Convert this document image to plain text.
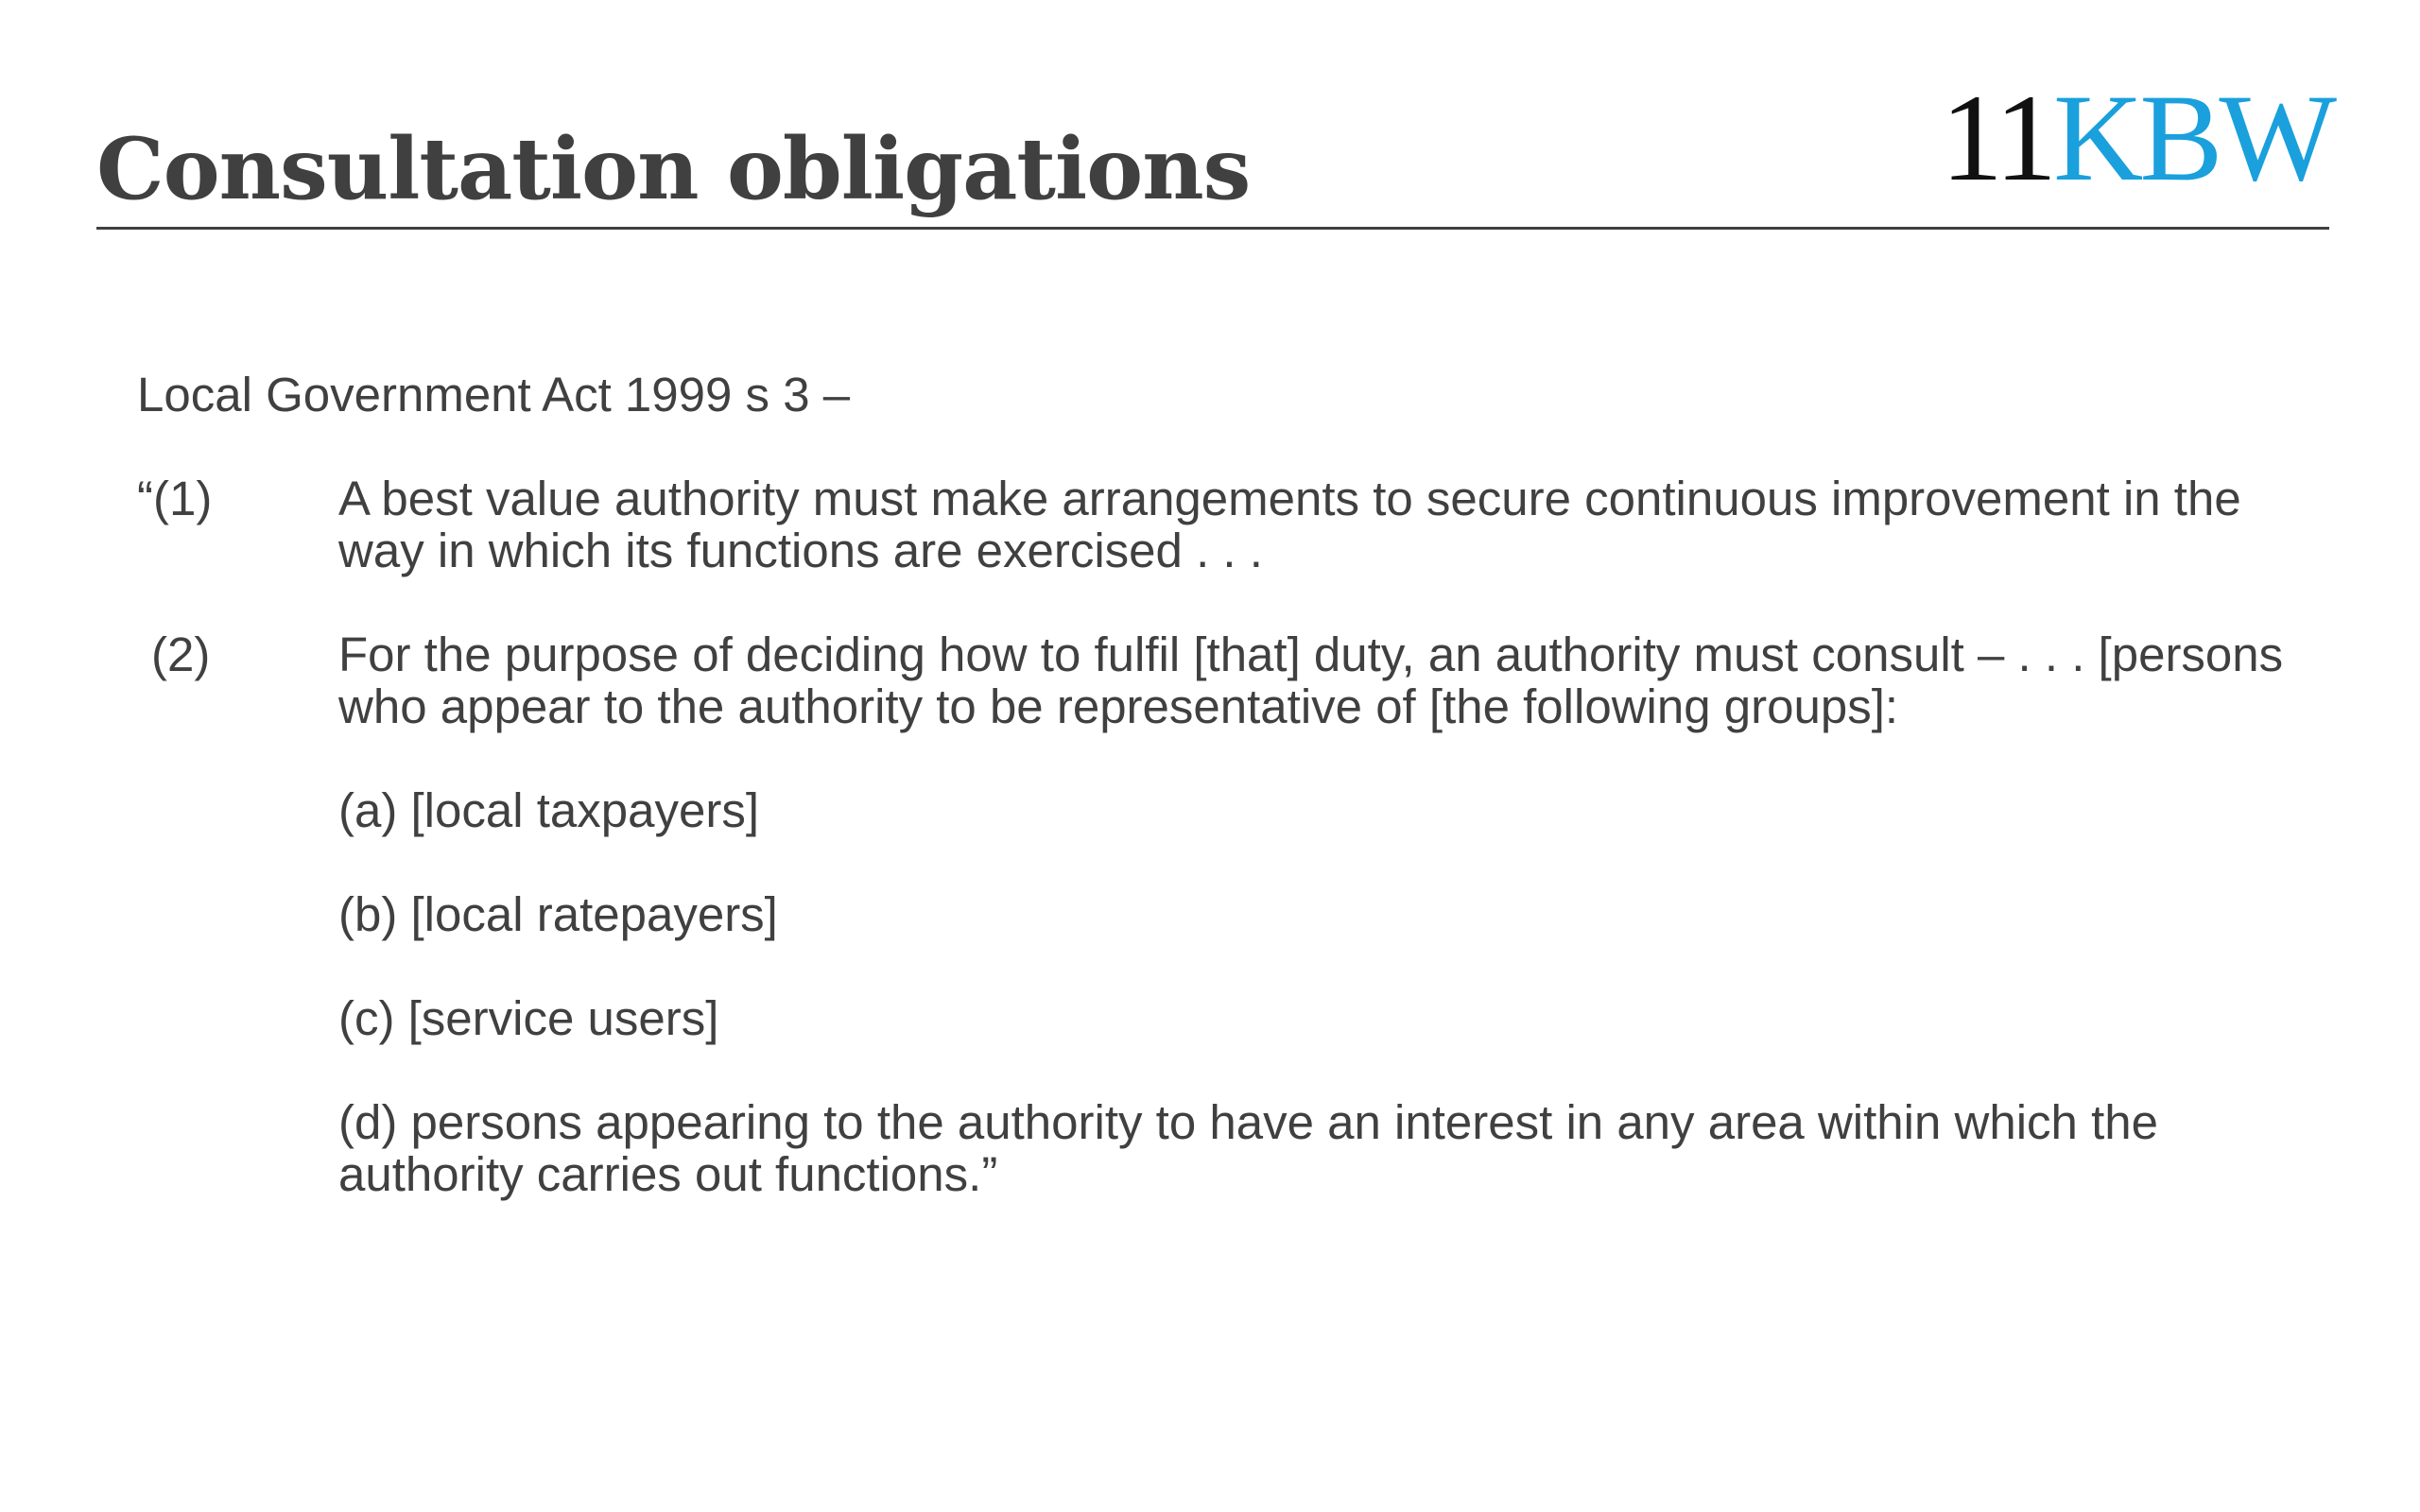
Consultation obligations	11KBW

Local Government Act 1999 s 3 –

“(1)	A best value authority must make arrangements to secure continuous improvement in the way in which its functions are exercised . . .
(2)	For the purpose of deciding how to fulfil [that] duty, an authority must consult – . . . [persons who appear to the authority to be representative of [the following groups]:
(a) [local taxpayers]
(b) [local ratepayers]
(c) [service users]
(d) persons appearing to the authority to have an interest in any area within which the authority carries out functions.”
